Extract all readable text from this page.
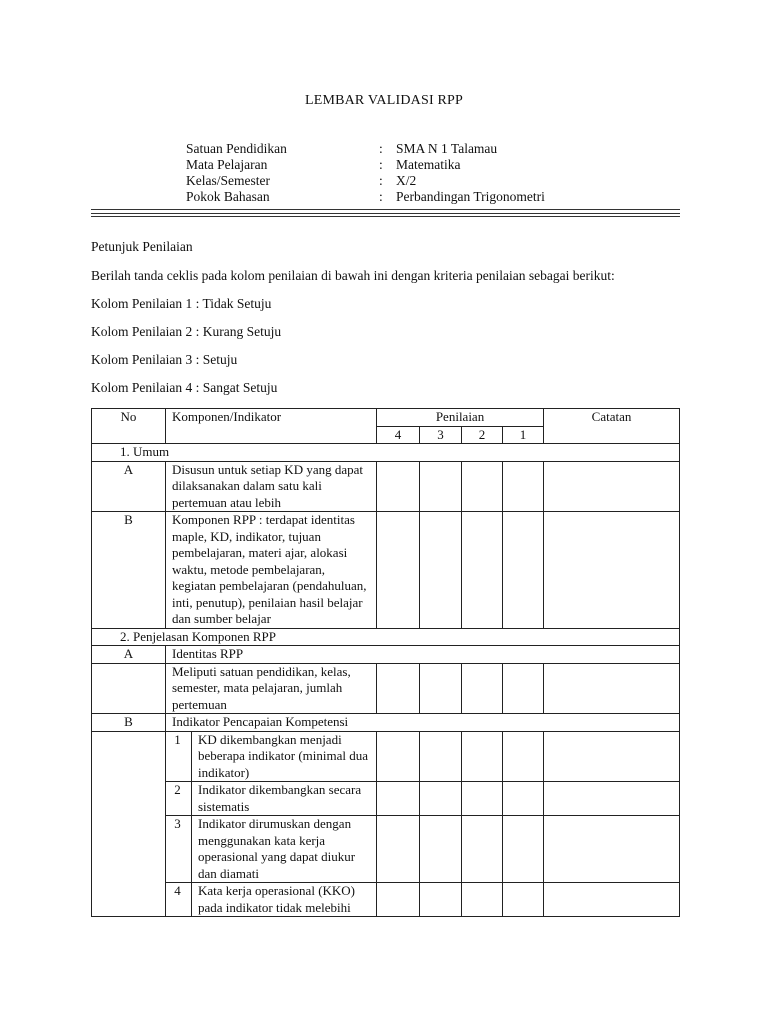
LEMBAR VALIDASI RPP
Satuan Pendidikan	: SMA N 1 Talamau
Mata Pelajaran	: Matematika
Kelas/Semester	: X/2
Pokok Bahasan	: Perbandingan Trigonometri
Petunjuk Penilaian
Berilah tanda ceklis pada kolom penilaian di bawah ini dengan kriteria penilaian sebagai berikut:
Kolom Penilaian 1 : Tidak Setuju
Kolom Penilaian 2 : Kurang Setuju
Kolom Penilaian 3 : Setuju
Kolom Penilaian 4 : Sangat Setuju
No	Komponen/Indikator		Penilaian				Catatan
			4	3	2	1	
1. Umum							
A	Disusun untuk setiap KD yang dapat dilaksanakan dalam satu kali pertemuan atau lebih						
B	Komponen RPP : terdapat identitas maple, KD, indikator, tujuan pembelajaran, materi ajar, alokasi waktu, metode pembelajaran, kegiatan pembelajaran (pendahuluan, inti, penutup), penilaian hasil belajar dan sumber belajar						
2. Penjelasan Komponen RPP							
A	Identitas RPP						
	Meliputi satuan pendidikan, kelas, semester, mata pelajaran, jumlah pertemuan						
B	Indikator Pencapaian Kompetensi						
	1	KD dikembangkan menjadi beberapa indikator (minimal dua indikator)					
	2	Indikator dikembangkan secara sistematis					
	3	Indikator dirumuskan dengan menggunakan kata kerja operasional yang dapat diukur dan diamati					
	4	Kata kerja operasional (KKO) pada indikator tidak melebihi					
